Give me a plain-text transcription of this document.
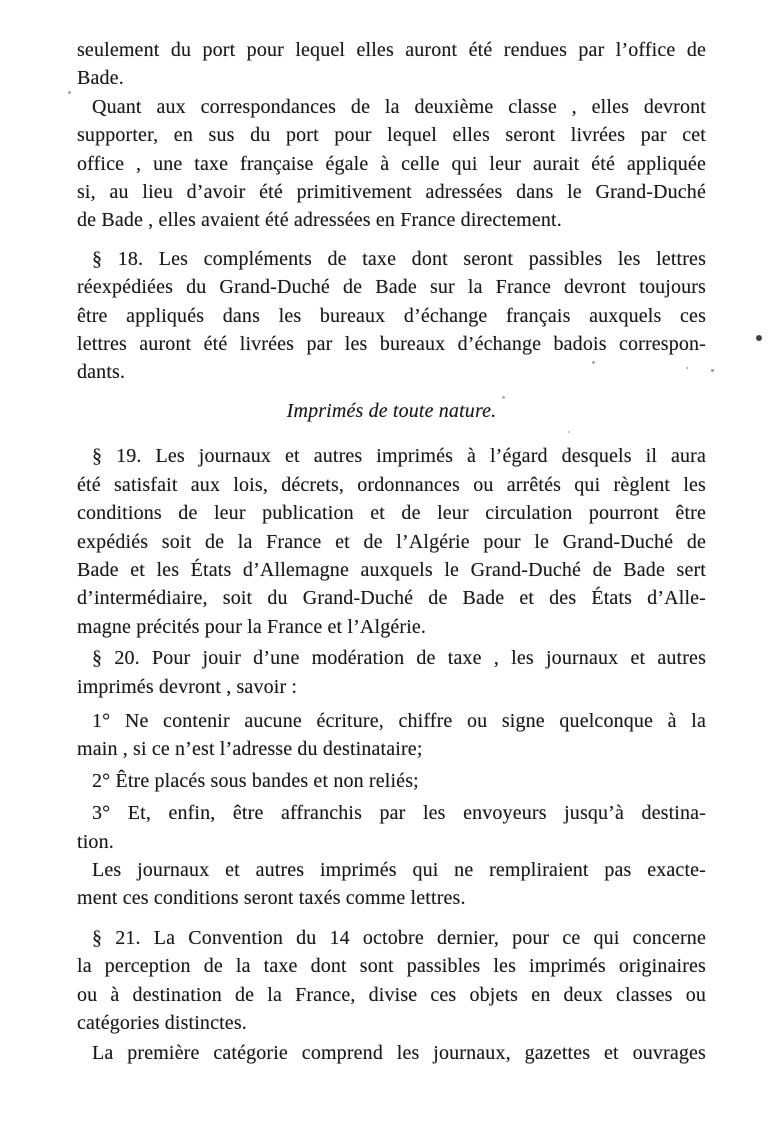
seulement du port pour lequel elles auront été rendues par l’office de
Bade.
Quant aux correspondances de la deuxième classe , elles devront
supporter, en sus du port pour lequel elles seront livrées par cet
office , une taxe française égale à celle qui leur aurait été appliquée
si, au lieu d’avoir été primitivement adressées dans le Grand-Duché
de Bade , elles avaient été adressées en France directement.
§ 18. Les compléments de taxe dont seront passibles les lettres
réexpédiées du Grand-Duché de Bade sur la France devront toujours
être appliqués dans les bureaux d’échange français auxquels ces
lettres auront été livrées par les bureaux d’échange badois correspon-
dants.
Imprimés de toute nature.
§ 19. Les journaux et autres imprimés à l’égard desquels il aura
été satisfait aux lois, décrets, ordonnances ou arrêtés qui règlent les
conditions de leur publication et de leur circulation pourront être
expédiés soit de la France et de l’Algérie pour le Grand-Duché de
Bade et les États d’Allemagne auxquels le Grand-Duché de Bade sert
d’intermédiaire, soit du Grand-Duché de Bade et des États d’Alle-
magne précités pour la France et l’Algérie.
§ 20. Pour jouir d’une modération de taxe , les journaux et autres
imprimés devront , savoir :
1° Ne contenir aucune écriture, chiffre ou signe quelconque à la
main , si ce n’est l’adresse du destinataire;
2° Être placés sous bandes et non reliés;
3° Et, enfin, être affranchis par les envoyeurs jusqu’à destina-
tion.
Les journaux et autres imprimés qui ne rempliraient pas exacte-
ment ces conditions seront taxés comme lettres.
§ 21. La Convention du 14 octobre dernier, pour ce qui concerne
la perception de la taxe dont sont passibles les imprimés originaires
ou à destination de la France, divise ces objets en deux classes ou
catégories distinctes.
La première catégorie comprend les journaux, gazettes et ouvrages
